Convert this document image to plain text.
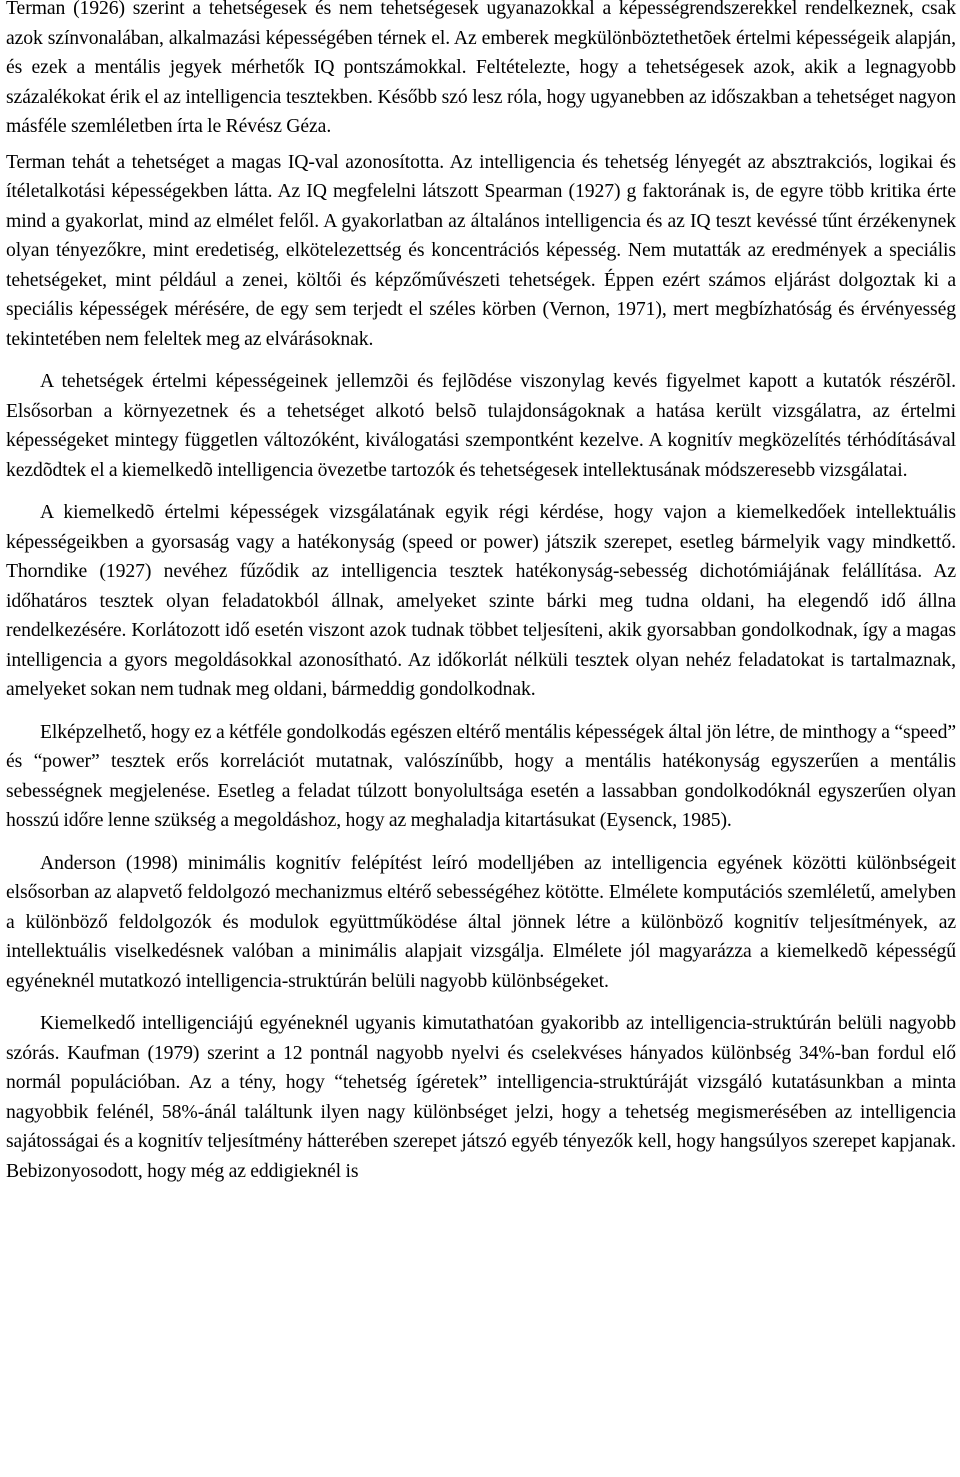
Terman (1926) szerint a tehetségesek és nem tehetségesek ugyanazokkal a képességrendszerekkel rendelkeznek, csak azok színvonalában, alkalmazási képességében térnek el. Az emberek megkülönböztethetõek értelmi képességeik alapján, és ezek a mentális jegyek mérhetők IQ pontszámokkal. Feltételezte, hogy a tehetségesek azok, akik a legnagyobb százalékokat érik el az intelligencia tesztekben. Később szó lesz róla, hogy ugyanebben az időszakban a tehetséget nagyon másféle szemléletben írta le Révész Géza.

Terman tehát a tehetséget a magas IQ-val azonosította. Az intelligencia és tehetség lényegét az absztrakciós, logikai és ítéletalkotási képességekben látta. Az IQ megfelelni látszott Spearman (1927) g faktorának is, de egyre több kritika érte mind a gyakorlat, mind az elmélet felől. A gyakorlatban az általános intelligencia és az IQ teszt kevéssé tűnt érzékenynek olyan tényezőkre, mint eredetiség, elkötelezettség és koncentrációs képesség. Nem mutatták az eredmények a speciális tehetségeket, mint például a zenei, költői és képzőművészeti tehetségek. Éppen ezért számos eljárást dolgoztak ki a speciális képességek mérésére, de egy sem terjedt el széles körben (Vernon, 1971), mert megbízhatóság és érvényesség tekintetében nem feleltek meg az elvárásoknak.

A tehetségek értelmi képességeinek jellemzõi és fejlõdése viszonylag kevés figyelmet kapott a kutatók részérõl. Elsősorban a környezetnek és a tehetséget alkotó belsõ tulajdonságoknak a hatása került vizsgálatra, az értelmi képességeket mintegy független változóként, kiválogatási szempontként kezelve. A kognitív megközelítés térhódításával kezdõdtek el a kiemelkedõ intelligencia övezetbe tartozók és tehetségesek intellektusának módszeresebb vizsgálatai.

A kiemelkedõ értelmi képességek vizsgálatának egyik régi kérdése, hogy vajon a kiemelkedőek intellektuális képességeikben a gyorsaság vagy a hatékonyság (speed or power) játszik szerepet, esetleg bármelyik vagy mindkettő. Thorndike (1927) nevéhez fűződik az intelligencia tesztek hatékonyság-sebesség dichotómiájának felállítása. Az időhatáros tesztek olyan feladatokból állnak, amelyeket szinte bárki meg tudna oldani, ha elegendő idő állna rendelkezésére. Korlátozott idő esetén viszont azok tudnak többet teljesíteni, akik gyorsabban gondolkodnak, így a magas intelligencia a gyors megoldásokkal azonosítható. Az időkorlát nélküli tesztek olyan nehéz feladatokat is tartalmaznak, amelyeket sokan nem tudnak meg oldani, bármeddig gondolkodnak.

Elképzelhető, hogy ez a kétféle gondolkodás egészen eltérő mentális képességek által jön létre, de minthogy a “speed” és “power” tesztek erős korrelációt mutatnak, valószínűbb, hogy a mentális hatékonyság egyszerűen a mentális sebességnek megjelenése. Esetleg a feladat túlzott bonyolultsága esetén a lassabban gondolkodóknál egyszerűen olyan hosszú időre lenne szükség a megoldáshoz, hogy az meghaladja kitartásukat (Eysenck, 1985).

Anderson (1998) minimális kognitív felépítést leíró modelljében az intelligencia egyének közötti különbségeit elsősorban az alapvető feldolgozó mechanizmus eltérő sebességéhez kötötte. Elmélete komputációs szemléletű, amelyben a különböző feldolgozók és modulok együttműködése által jönnek létre a különböző kognitív teljesítmények, az intellektuális viselkedésnek valóban a minimális alapjait vizsgálja. Elmélete jól magyarázza a kiemelkedõ képességű egyéneknél mutatkozó intelligencia-struktúrán belüli nagyobb különbségeket.

Kiemelkedő intelligenciájú egyéneknél ugyanis kimutathatóan gyakoribb az intelligencia-struktúrán belüli nagyobb szórás. Kaufman (1979) szerint a 12 pontnál nagyobb nyelvi és cselekvéses hányados különbség 34%-ban fordul elő normál populációban. Az a tény, hogy “tehetség ígéretek” intelligencia-struktúráját vizsgáló kutatásunkban a minta nagyobbik felénél, 58%-ánál találtunk ilyen nagy különbséget jelzi, hogy a tehetség megismerésében az intelligencia sajátosságai és a kognitív teljesítmény hátterében szerepet játszó egyéb tényezők kell, hogy hangsúlyos szerepet kapjanak. Bebizonyosodott, hogy még az eddigieknél is
